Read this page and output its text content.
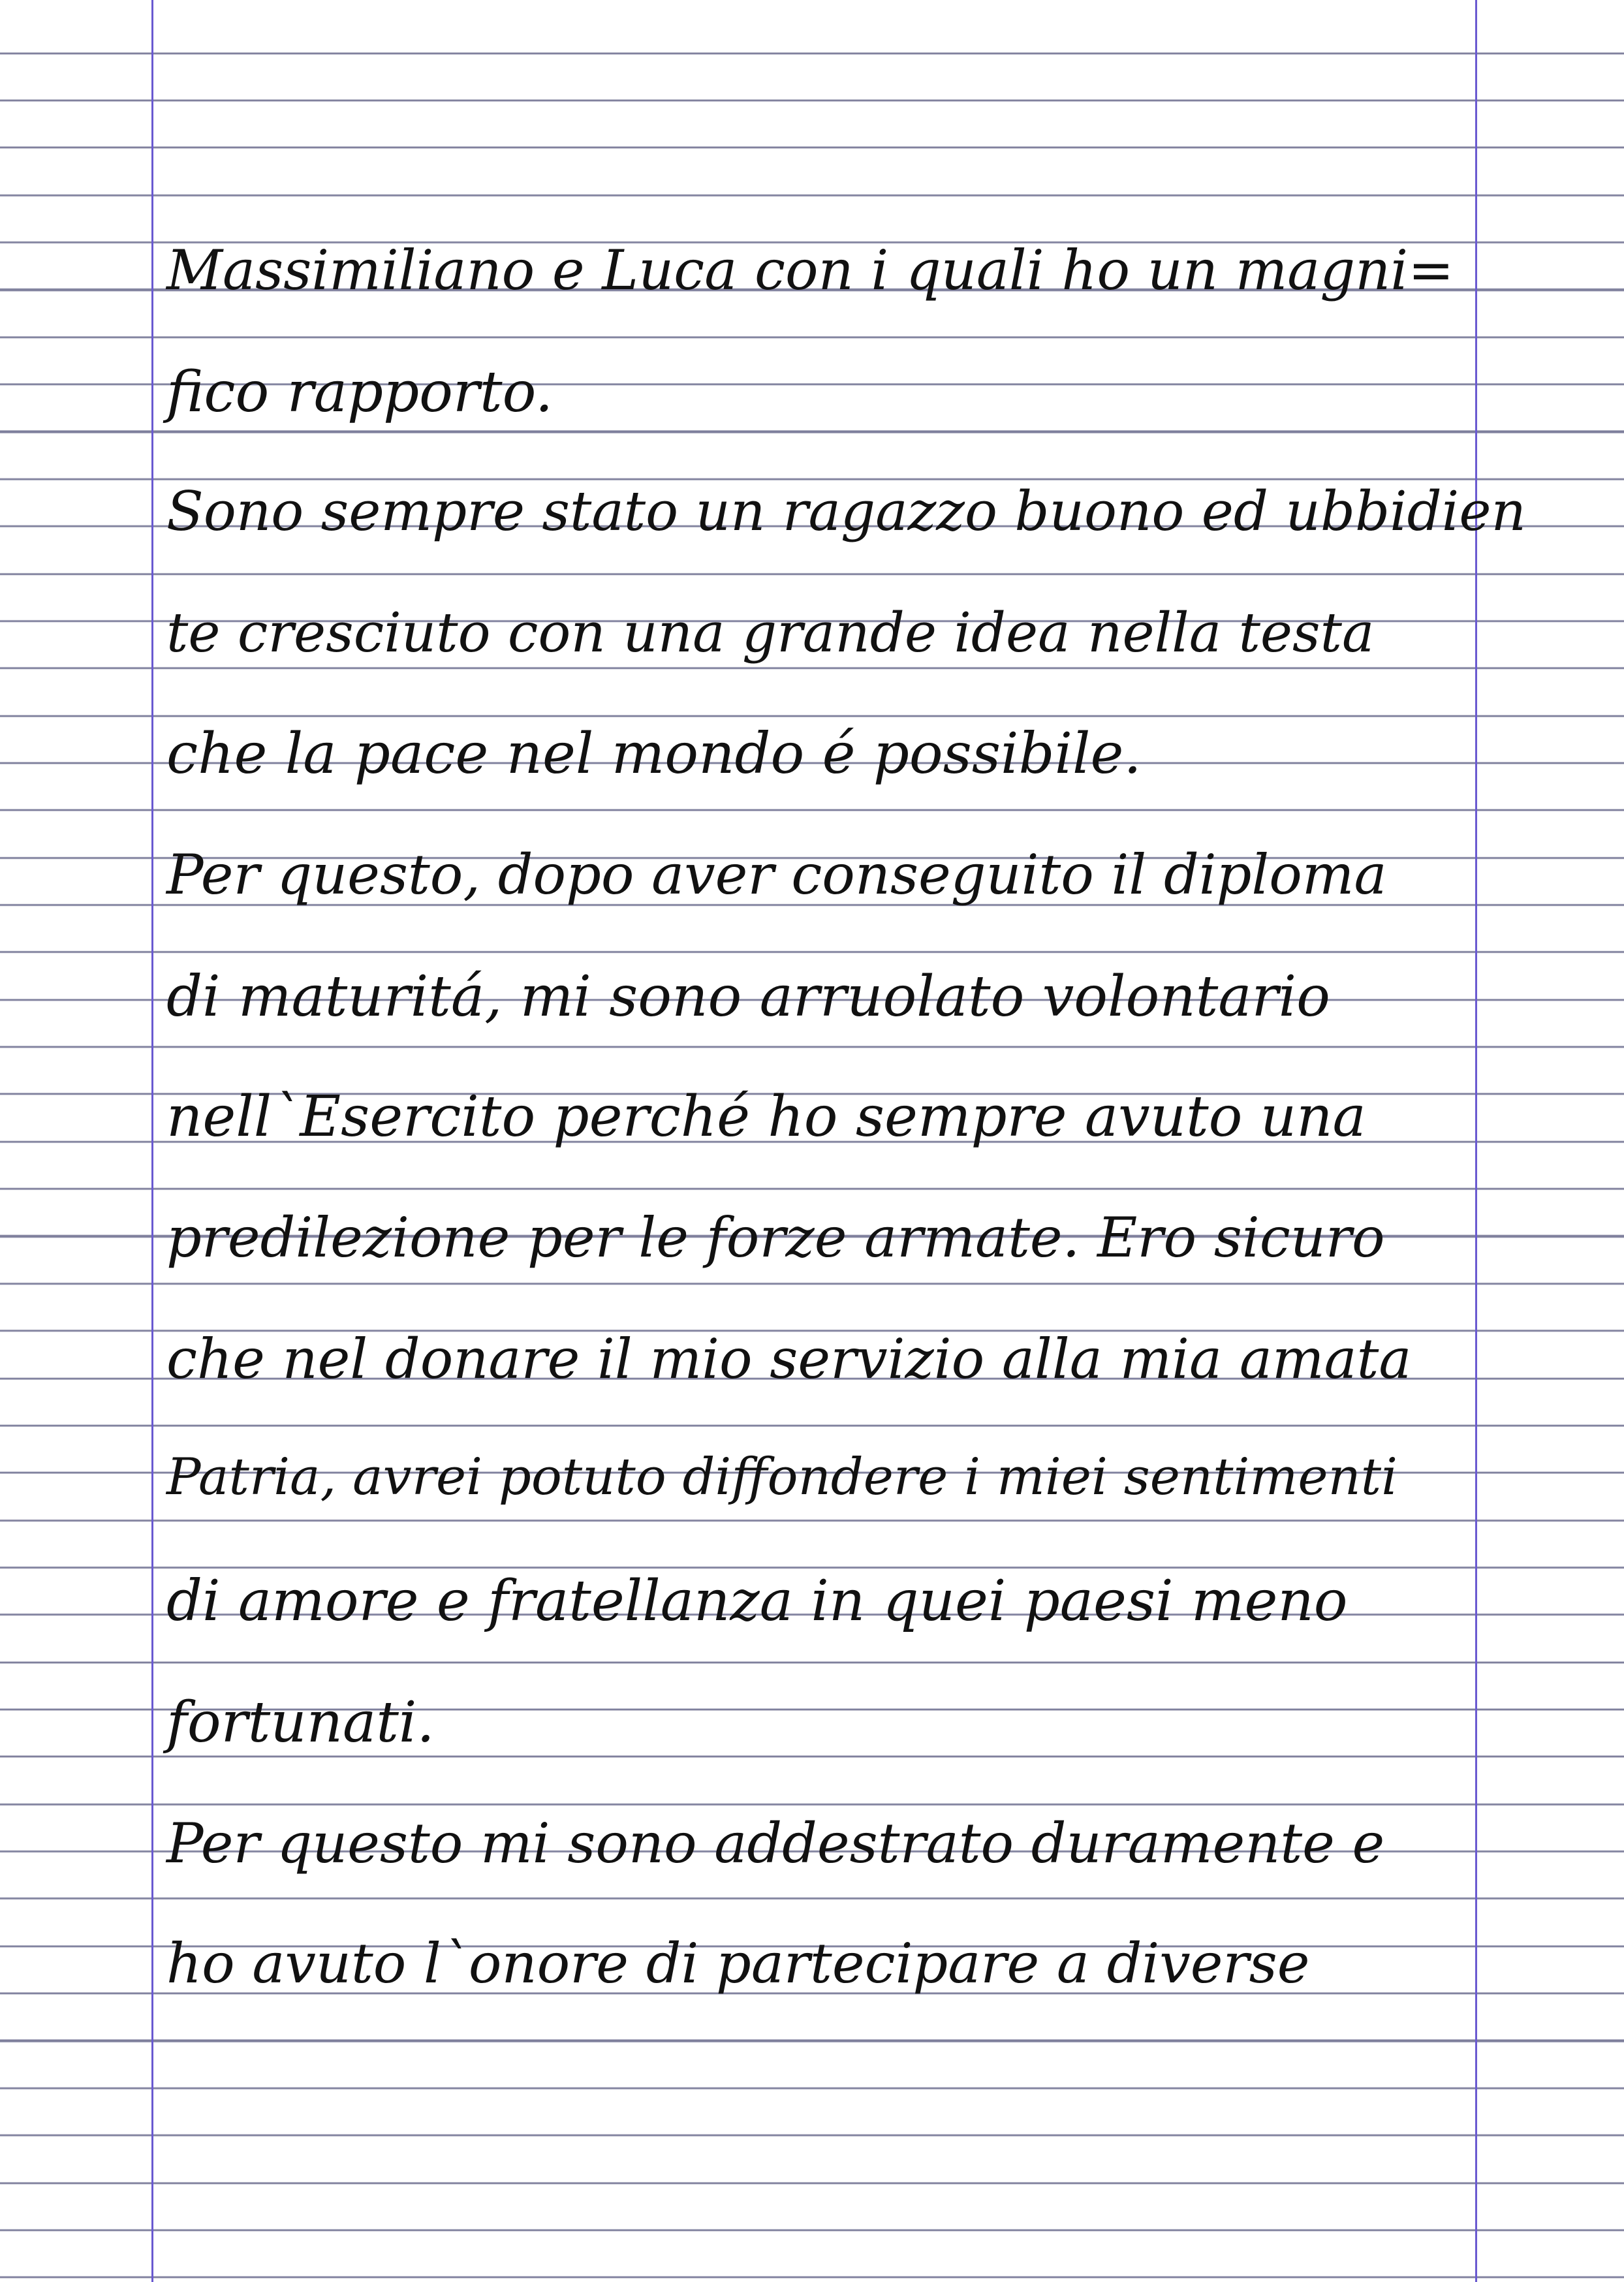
Massimiliano e Luca con i quali ho un magni=
fico rapporto.
Sono sempre stato un ragazzo buono ed ubbidien
te cresciuto con una grande idea nella testa
che la pace nel mondo é possibile.
Per questo, dopo aver conseguito il diploma
di maturitá, mi sono arruolato volontario
nell`Esercito perché ho sempre avuto una
predilezione per le forze armate. Ero sicuro
che nel donare il mio servizio alla mia amata
Patria, avrei potuto diffondere i miei sentimenti
di amore e fratellanza in quei paesi meno
fortunati.
Per questo mi sono addestrato duramente e
ho avuto l`onore di partecipare a diverse
